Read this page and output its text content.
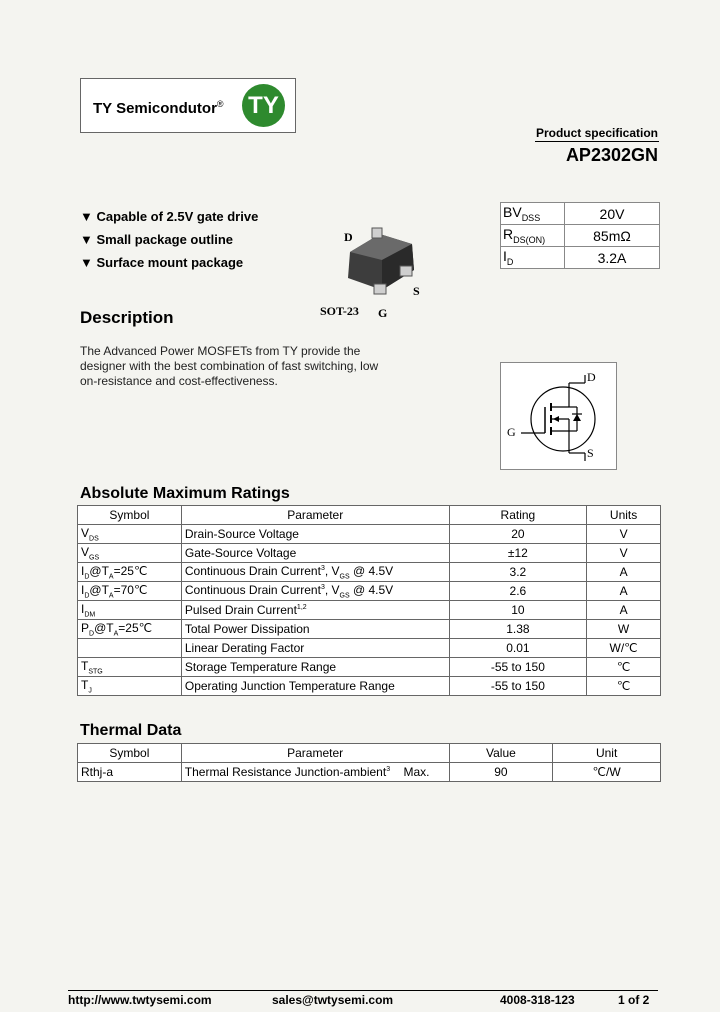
TY Semicondutor® TY
Product specification
AP2302GN
▼ Capable of 2.5V gate drive
▼ Small package outline
▼ Surface mount package
D
S
SOT-23 G
$BV_{DSS}$	20V
$R_{DS(ON)}$	85mΩ
$I_D$	3.2A
Description
The Advanced Power MOSFETs from TY provide the designer with the best combination of fast switching, low on-resistance and cost-effectiveness.	D
G
S
Absolute Maximum Ratings
Symbol	Parameter	Rating	Units
$V_{DS}$	Drain-Source Voltage	20	V
$V_{GS}$	Gate-Source Voltage	±12	V
$I_D@T_A=25℃$	Continuous Drain Current$^3$, $V_{GS}$ @ 4.5V	3.2	A
$I_D@T_A=70℃$	Continuous Drain Current$^3$, $V_{GS}$ @ 4.5V	2.6	A
$I_{DM}$	Pulsed Drain Current$^{1,2}$	10	A
$P_D@T_A=25℃$	Total Power Dissipation	1.38	W
	Linear Derating Factor	0.01	W/℃
$T_{STG}$	Storage Temperature Range	-55 to 150	℃
$T_J$	Operating Junction Temperature Range	-55 to 150	℃
Thermal Data
Symbol	Parameter	Value	Unit
Rthj-a	Thermal Resistance Junction-ambient$^3$ Max.	90	℃/W
http://www.twtysemi.com	sales@twtysemi.com	4008-318-123	1 of 2
